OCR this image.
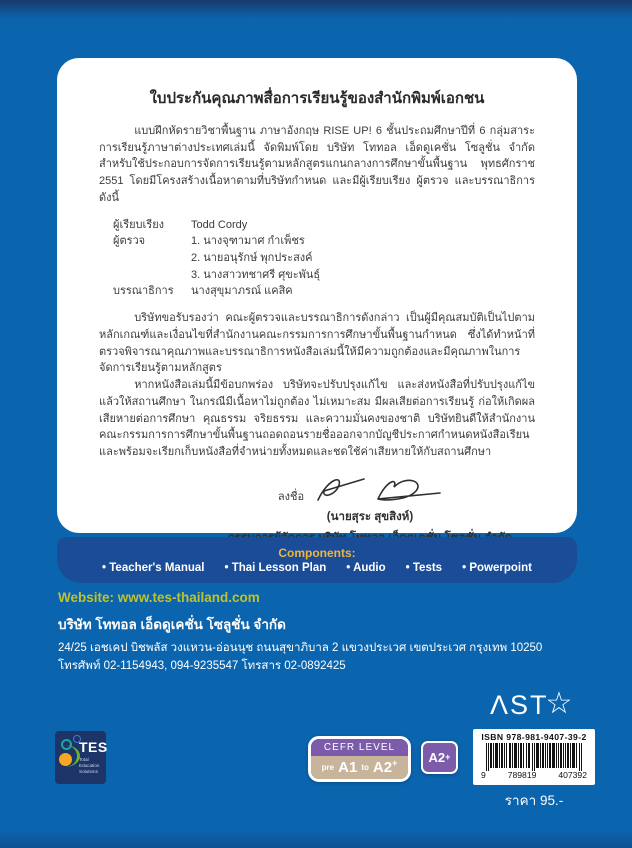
ใบประกันคุณภาพสื่อการเรียนรู้ของสำนักพิมพ์เอกชน

แบบฝึกหัดรายวิชาพื้นฐาน ภาษาอังกฤษ RISE UP! 6 ชั้นประถมศึกษาปีที่ 6 กลุ่มสาระการเรียนรู้ภาษาต่างประเทศเล่มนี้ จัดพิมพ์โดย บริษัท โททอล เอ็ดดูเคชั่น โซลูชั่น จำกัด สำหรับใช้ประกอบการจัดการเรียนรู้ตามหลักสูตรแกนกลางการศึกษาขั้นพื้นฐาน พุทธศักราช 2551 โดยมีโครงสร้างเนื้อหาตามที่บริษัทกำหนด และมีผู้เรียบเรียง ผู้ตรวจ และบรรณาธิการดังนี้

ผู้เรียบเรียง	Todd Cordy
ผู้ตรวจ	1. นางจุฑามาศ กำเพ็ชร
2. นายอนุรักษ์ พุกประสงค์
3. นางสาวทชาศรี ศุขะพันธุ์
บรรณาธิการ	นางสุขุมาภรณ์ แคสิค

บริษัทขอรับรองว่า คณะผู้ตรวจและบรรณาธิการดังกล่าว เป็นผู้มีคุณสมบัติเป็นไปตามหลักเกณฑ์และเงื่อนไขที่สำนักงานคณะกรรมการการศึกษาขั้นพื้นฐานกำหนด ซึ่งได้ทำหน้าที่ตรวจพิจารณาคุณภาพและบรรณาธิการหนังสือเล่มนี้ให้มีความถูกต้องและมีคุณภาพในการจัดการเรียนรู้ตามหลักสูตร

หากหนังสือเล่มนี้มีข้อบกพร่อง บริษัทจะปรับปรุงแก้ไข และส่งหนังสือที่ปรับปรุงแก้ไขแล้วให้สถานศึกษา ในกรณีมีเนื้อหาไม่ถูกต้อง ไม่เหมาะสม มีผลเสียต่อการเรียนรู้ ก่อให้เกิดผลเสียหายต่อการศึกษา คุณธรรม จริยธรรม และความมั่นคงของชาติ บริษัทยินดีให้สำนักงานคณะกรรมการการศึกษาขั้นพื้นฐานถอดถอนรายชื่อออกจากบัญชีประกาศกำหนดหนังสือเรียน และพร้อมจะเรียกเก็บหนังสือที่จำหน่ายทั้งหมดและชดใช้ค่าเสียหายให้กับสถานศึกษา

ลงชื่อ
(นายสุระ สุขสิงห์)
Components:
• Teacher's Manual	• Thai Lesson Plan	• Audio	• Tests	• Powerpoint
Website: www.tes-thailand.com
บริษัท โททอล เอ็ดดูเคชั่น โซลูชั่น จำกัด
24/25 เอชเคป บิชพลัส วงแหวน-อ่อนนุช ถนนสุขาภิบาล 2 แขวงประเวศ เขตประเวศ กรุงเทพ 10250
โทรศัพท์ 02-1154943, 094-9235547 โทรสาร 02-0892425
ΛST
☆
TES
Total Education Solutions
CEFR LEVEL
pre A1 to A2+ A2 +
ISBN 978-981-9407-39-2
9	789819	407392
ราคา 95.-
